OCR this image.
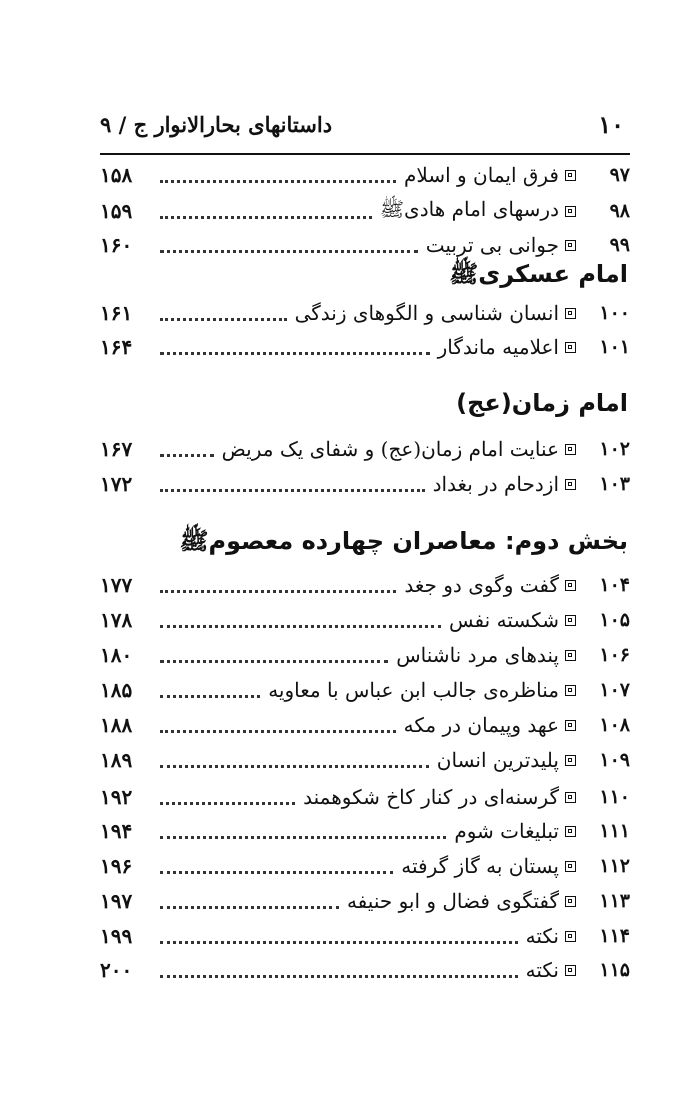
۱۰
داستانهای بحارالانوار ج / ۹
۹۷
فرق ایمان و اسلام
۱۵۸
۹۸
درسهای امام هادیﷺ
۱۵۹
۹۹
جوانی بی تربیت
۱۶۰
امام عسکریﷺ
۱۰۰
انسان شناسی و الگوهای زندگی
۱۶۱
۱۰۱
اعلامیه ماندگار
۱۶۴
امام زمان(عج)
۱۰۲
عنایت امام زمان(عج) و شفای یک مریض
۱۶۷
۱۰۳
ازدحام در بغداد
۱۷۲
بخش دوم: معاصران چهارده معصومﷺ
۱۰۴
گفت وگوی دو جغد
۱۷۷
۱۰۵
شکسته نفس
۱۷۸
۱۰۶
پندهای مرد ناشناس
۱۸۰
۱۰۷
مناظره‌ی جالب ابن عباس با معاویه
۱۸۵
۱۰۸
عهد وپیمان در مکه
۱۸۸
۱۰۹
پلیدترین انسان
۱۸۹
۱۱۰
گرسنه‌ای در کنار کاخ شکوهمند
۱۹۲
۱۱۱
تبلیغات شوم
۱۹۴
۱۱۲
پستان به گاز گرفته
۱۹۶
۱۱۳
گفتگوی فضال و ابو حنیفه
۱۹۷
۱۱۴
نکته
۱۹۹
۱۱۵
نکته
۲۰۰
